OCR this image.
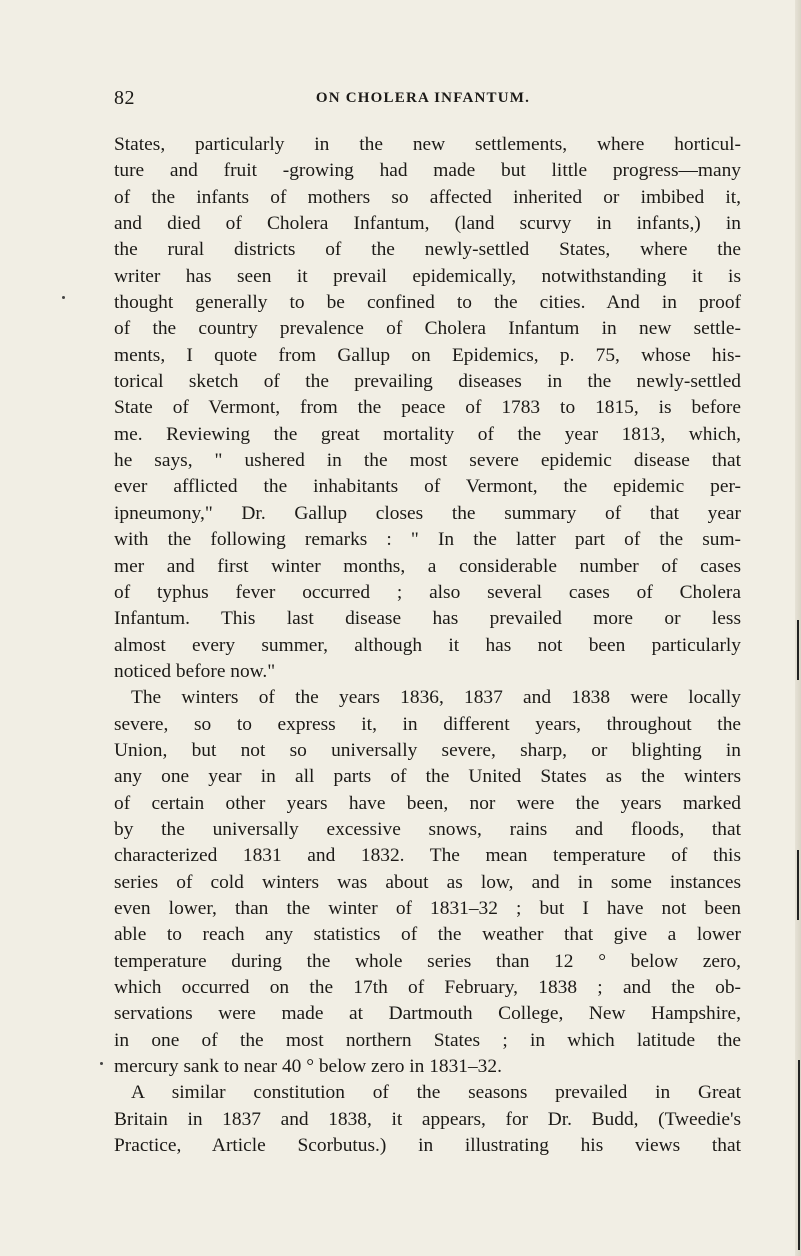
82	ON CHOLERA INFANTUM.
States, particularly in the new settlements, where horticul-
ture and fruit -growing had made but little progress—many
of the infants of mothers so affected inherited or imbibed it,
and died of Cholera Infantum, (land scurvy in infants,) in
the rural districts of the newly-settled States, where the
writer has seen it prevail epidemically, notwithstanding it is
thought generally to be confined to the cities. And in proof
of the country prevalence of Cholera Infantum in new settle-
ments, I quote from Gallup on Epidemics, p. 75, whose his-
torical sketch of the prevailing diseases in the newly-settled
State of Vermont, from the peace of 1783 to 1815, is before
me. Reviewing the great mortality of the year 1813, which,
he says, " ushered in the most severe epidemic disease that
ever afflicted the inhabitants of Vermont, the epidemic per-
ipneumony," Dr. Gallup closes the summary of that year
with the following remarks : " In the latter part of the sum-
mer and first winter months, a considerable number of cases
of typhus fever occurred ; also several cases of Cholera
Infantum. This last disease has prevailed more or less
almost every summer, although it has not been particularly
noticed before now."
The winters of the years 1836, 1837 and 1838 were locally
severe, so to express it, in different years, throughout the
Union, but not so universally severe, sharp, or blighting in
any one year in all parts of the United States as the winters
of certain other years have been, nor were the years marked
by the universally excessive snows, rains and floods, that
characterized 1831 and 1832. The mean temperature of this
series of cold winters was about as low, and in some instances
even lower, than the winter of 1831–32 ; but I have not been
able to reach any statistics of the weather that give a lower
temperature during the whole series than 12 ° below zero,
which occurred on the 17th of February, 1838 ; and the ob-
servations were made at Dartmouth College, New Hampshire,
in one of the most northern States ; in which latitude the
mercury sank to near 40 ° below zero in 1831–32.
A similar constitution of the seasons prevailed in Great
Britain in 1837 and 1838, it appears, for Dr. Budd, (Tweedie's
Practice, Article Scorbutus.) in illustrating his views that
